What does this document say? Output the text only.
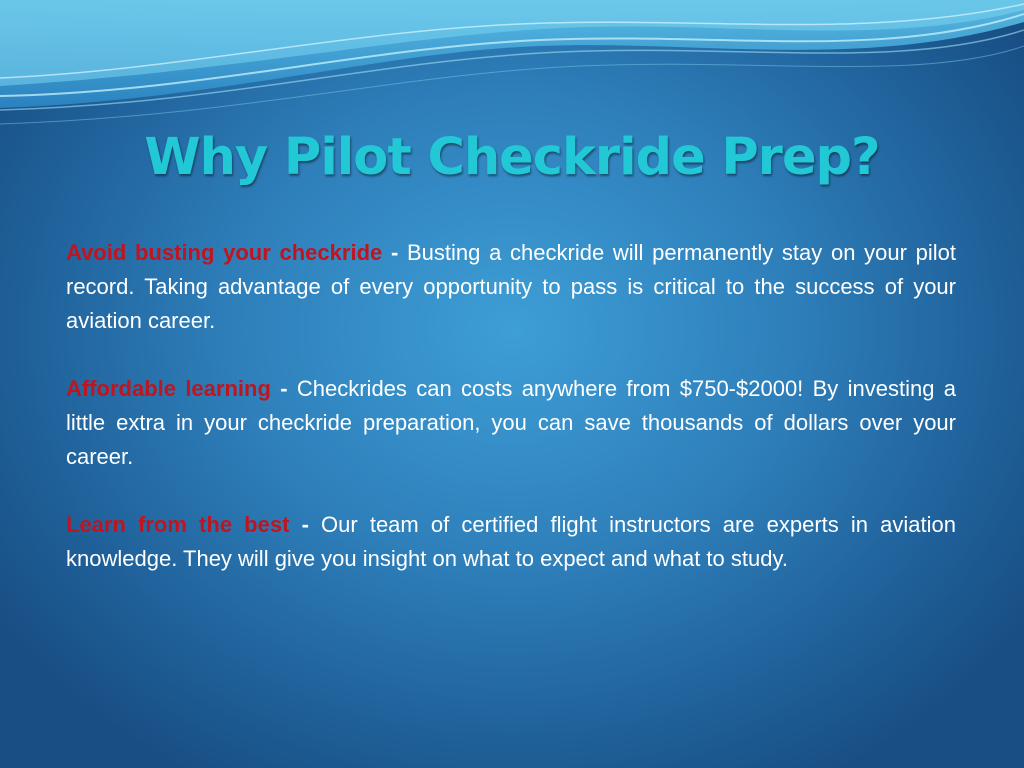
Why Pilot Checkride Prep?

Avoid busting your checkride - Busting a checkride will permanently stay on your pilot record. Taking advantage of every opportunity to pass is critical to the success of your aviation career.

Affordable learning - Checkrides can costs anywhere from $750-$2000! By investing a little extra in your checkride preparation, you can save thousands of dollars over your career.

Learn from the best - Our team of certified flight instructors are experts in aviation knowledge. They will give you insight on what to expect and what to study.
